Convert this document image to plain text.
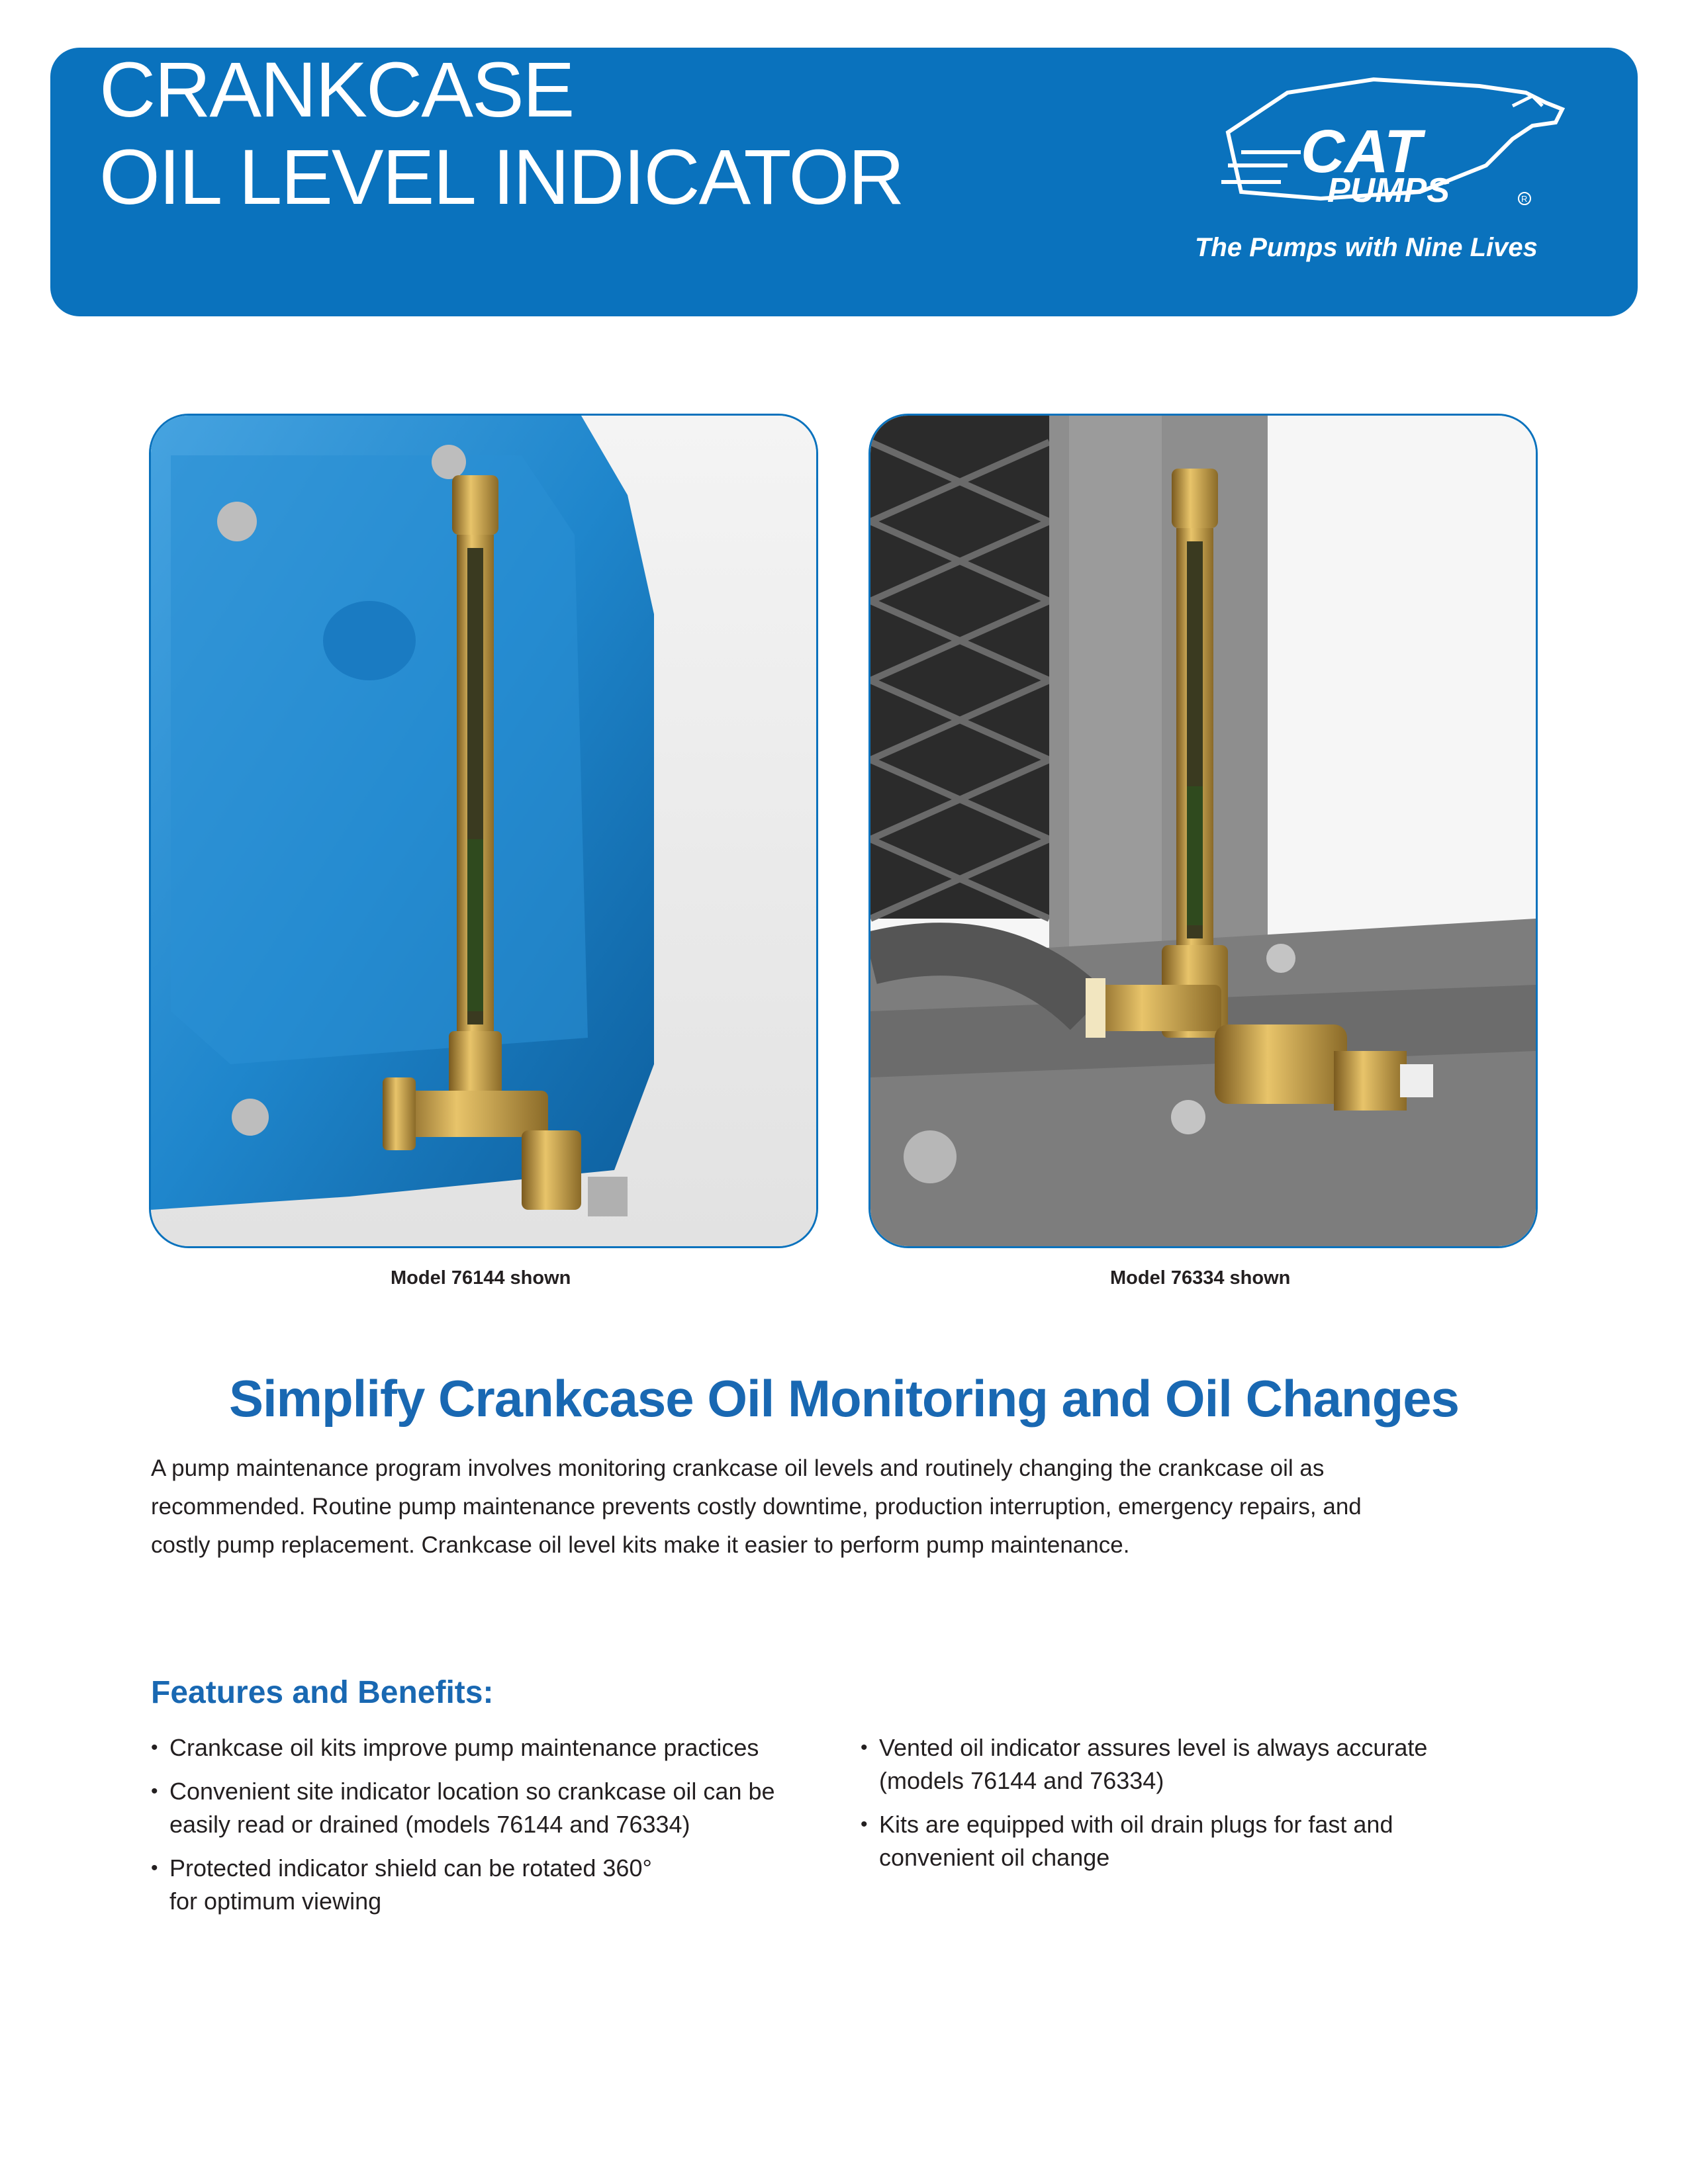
CRANKCASE
OIL LEVEL INDICATOR	CAT
PUMPS	R
The Pumps with Nine Lives
Model 76144 shown	Model 76334 shown
Simplify Crankcase Oil Monitoring and Oil Changes
A pump maintenance program involves monitoring crankcase oil levels and routinely changing the crankcase oil as
recommended. Routine pump maintenance prevents costly downtime, production interruption, emergency repairs, and
costly pump replacement. Crankcase oil level kits make it easier to perform pump maintenance.
Features and Benefits:
• Crankcase oil kits improve pump maintenance practices
• Convenient site indicator location so crankcase oil can be
easily read or drained (models 76144 and 76334)
• Protected indicator shield can be rotated 360°
for optimum viewing
• Vented oil indicator assures level is always accurate
(models 76144 and 76334)
• Kits are equipped with oil drain plugs for fast and
convenient oil change
